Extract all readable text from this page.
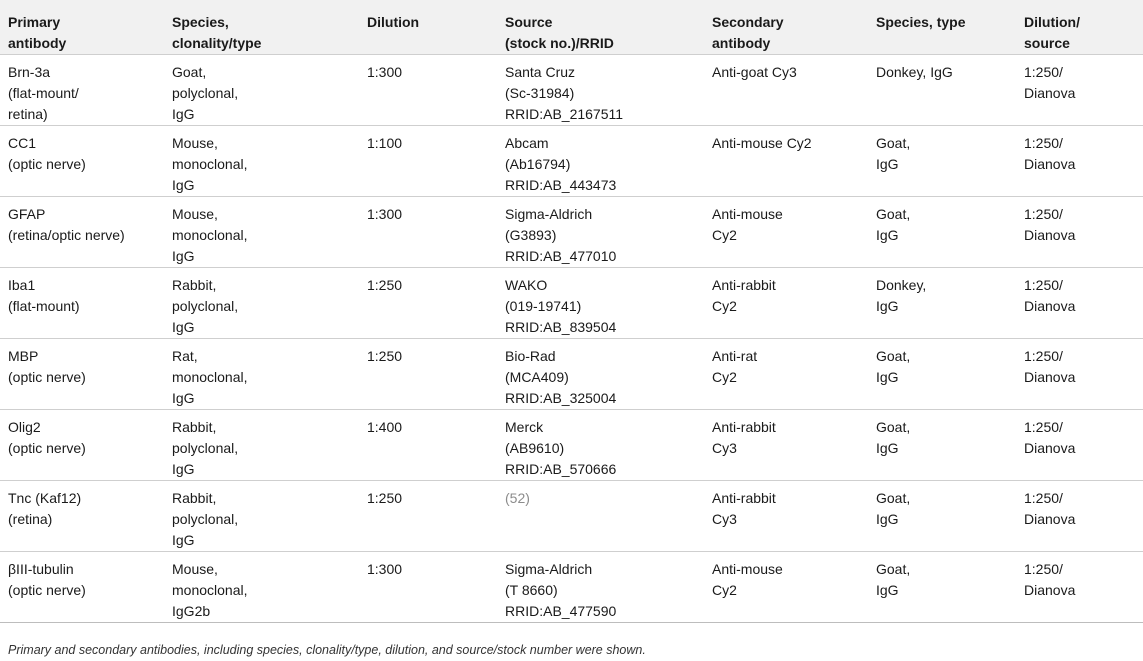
Primary
antibody	Species,
clonality/type	Dilution	Source
(stock no.)/RRID	Secondary
antibody	Species, type	Dilution/
source

Brn-3a
(flat-mount/
retina)	Goat,
polyclonal,
IgG	1:300	Santa Cruz
(Sc-31984)
RRID:AB_2167511	Anti-goat Cy3	Donkey, IgG	1:250/
Dianova

CC1
(optic nerve)	Mouse,
monoclonal,
IgG	1:100	Abcam
(Ab16794)
RRID:AB_443473	Anti-mouse Cy2	Goat,
IgG	1:250/
Dianova

GFAP
(retina/optic nerve)	Mouse,
monoclonal,
IgG	1:300	Sigma-Aldrich
(G3893)
RRID:AB_477010	Anti-mouse
Cy2	Goat,
IgG	1:250/
Dianova

Iba1
(flat-mount)	Rabbit,
polyclonal,
IgG	1:250	WAKO
(019-19741)
RRID:AB_839504	Anti-rabbit
Cy2	Donkey,
IgG	1:250/
Dianova

MBP
(optic nerve)	Rat,
monoclonal,
IgG	1:250	Bio-Rad
(MCA409)
RRID:AB_325004	Anti-rat
Cy2	Goat,
IgG	1:250/
Dianova

Olig2
(optic nerve)	Rabbit,
polyclonal,
IgG	1:400	Merck
(AB9610)
RRID:AB_570666	Anti-rabbit
Cy3	Goat,
IgG	1:250/
Dianova

Tnc (Kaf12)
(retina)	Rabbit,
polyclonal,
IgG	1:250	(52)	Anti-rabbit
Cy3	Goat,
IgG	1:250/
Dianova

βIII-tubulin
(optic nerve)	Mouse,
monoclonal,
IgG2b	1:300	Sigma-Aldrich
(T 8660)
RRID:AB_477590	Anti-mouse
Cy2	Goat,
IgG	1:250/
Dianova
Primary and secondary antibodies, including species, clonality/type, dilution, and source/stock number were shown.
